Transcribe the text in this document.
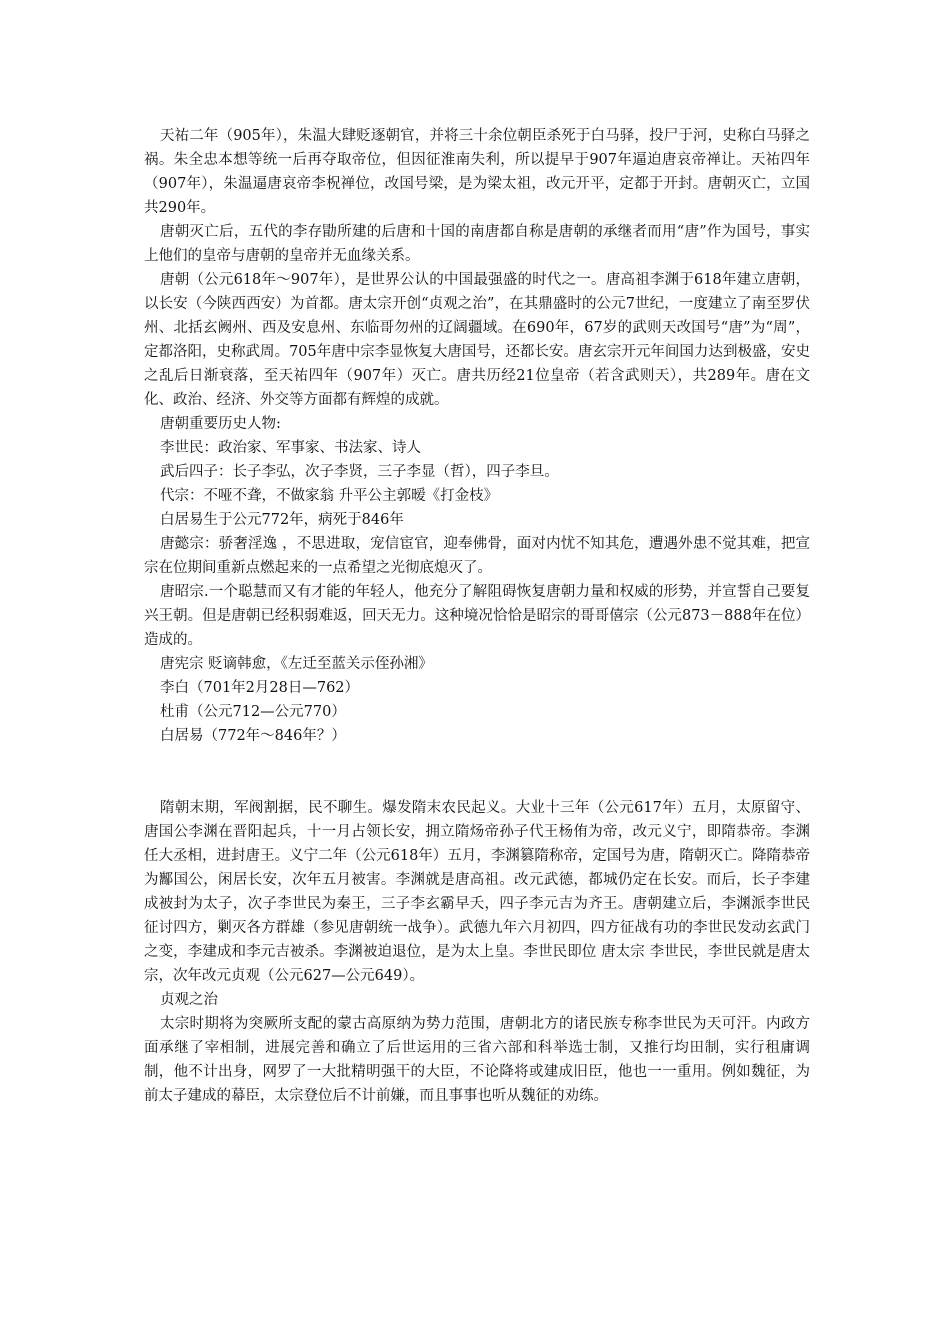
天祐二年（905年），朱温大肆贬逐朝官，并将三十余位朝臣杀死于白马驿，投尸于河，史称白马驿之祸。朱全忠本想等统一后再夺取帝位，但因征淮南失利，所以提早于907年逼迫唐哀帝禅让。天祐四年（907年），朱温逼唐哀帝李柷禅位，改国号梁，是为梁太祖，改元开平，定都于开封。唐朝灭亡，立国共290年。

唐朝灭亡后，五代的李存勖所建的后唐和十国的南唐都自称是唐朝的承继者而用“唐”作为国号，事实上他们的皇帝与唐朝的皇帝并无血缘关系。

唐朝（公元618年～907年），是世界公认的中国最强盛的时代之一。唐高祖李渊于618年建立唐朝，以长安（今陕西西安）为首都。唐太宗开创“贞观之治”，在其鼎盛时的公元7世纪，一度建立了南至罗伏州、北括玄阙州、西及安息州、东临哥勿州的辽阔疆域。在690年，67岁的武则天改国号“唐”为“周”，定都洛阳，史称武周。705年唐中宗李显恢复大唐国号，还都长安。唐玄宗开元年间国力达到极盛，安史之乱后日渐衰落，至天祐四年（907年）灭亡。唐共历经21位皇帝（若含武则天），共289年。唐在文化、政治、经济、外交等方面都有辉煌的成就。

唐朝重要历史人物:

李世民：政治家、军事家、书法家、诗人

武后四子：长子李弘，次子李贤，三子李显（哲），四子李旦。

代宗：不哑不聋，不做家翁 升平公主郭暧《打金枝》

白居易生于公元772年，病死于846年

唐懿宗：骄奢淫逸 ，不思进取，宠信宦官，迎奉佛骨，面对内忧不知其危，遭遇外患不觉其难，把宣宗在位期间重新点燃起来的一点希望之光彻底熄灭了。

唐昭宗.一个聪慧而又有才能的年轻人，他充分了解阻碍恢复唐朝力量和权威的形势，并宣誓自己要复兴王朝。但是唐朝已经积弱难返，回天无力。这种境况恰恰是昭宗的哥哥僖宗（公元873－888年在位）造成的。

唐宪宗 贬谪韩愈，《左迁至蓝关示侄孙湘》

李白（701年2月28日—762）

杜甫（公元712—公元770）

白居易（772年～846年？）

隋朝末期，军阀割据，民不聊生。爆发隋末农民起义。大业十三年（公元617年）五月，太原留守、唐国公李渊在晋阳起兵，十一月占领长安，拥立隋炀帝孙子代王杨侑为帝，改元义宁，即隋恭帝。李渊任大丞相，进封唐王。义宁二年（公元618年）五月，李渊篡隋称帝，定国号为唐，隋朝灭亡。降隋恭帝为酅国公，闲居长安，次年五月被害。李渊就是唐高祖。改元武德，都城仍定在长安。而后，长子李建成被封为太子，次子李世民为秦王，三子李玄霸早夭，四子李元吉为齐王。唐朝建立后，李渊派李世民征讨四方，剿灭各方群雄（参见唐朝统一战争）。武德九年六月初四，四方征战有功的李世民发动玄武门之变，李建成和李元吉被杀。李渊被迫退位，是为太上皇。李世民即位 唐太宗 李世民，李世民就是唐太宗，次年改元贞观（公元627—公元649）。

贞观之治

太宗时期将为突厥所支配的蒙古高原纳为势力范围，唐朝北方的诸民族专称李世民为天可汗。内政方面承继了宰相制，进展完善和确立了后世运用的三省六部和科举选士制，又推行均田制，实行租庸调制，他不计出身，网罗了一大批精明强干的大臣，不论降将或建成旧臣，他也一一重用。例如魏征，为前太子建成的幕臣，太宗登位后不计前嫌，而且事事也听从魏征的劝练。
